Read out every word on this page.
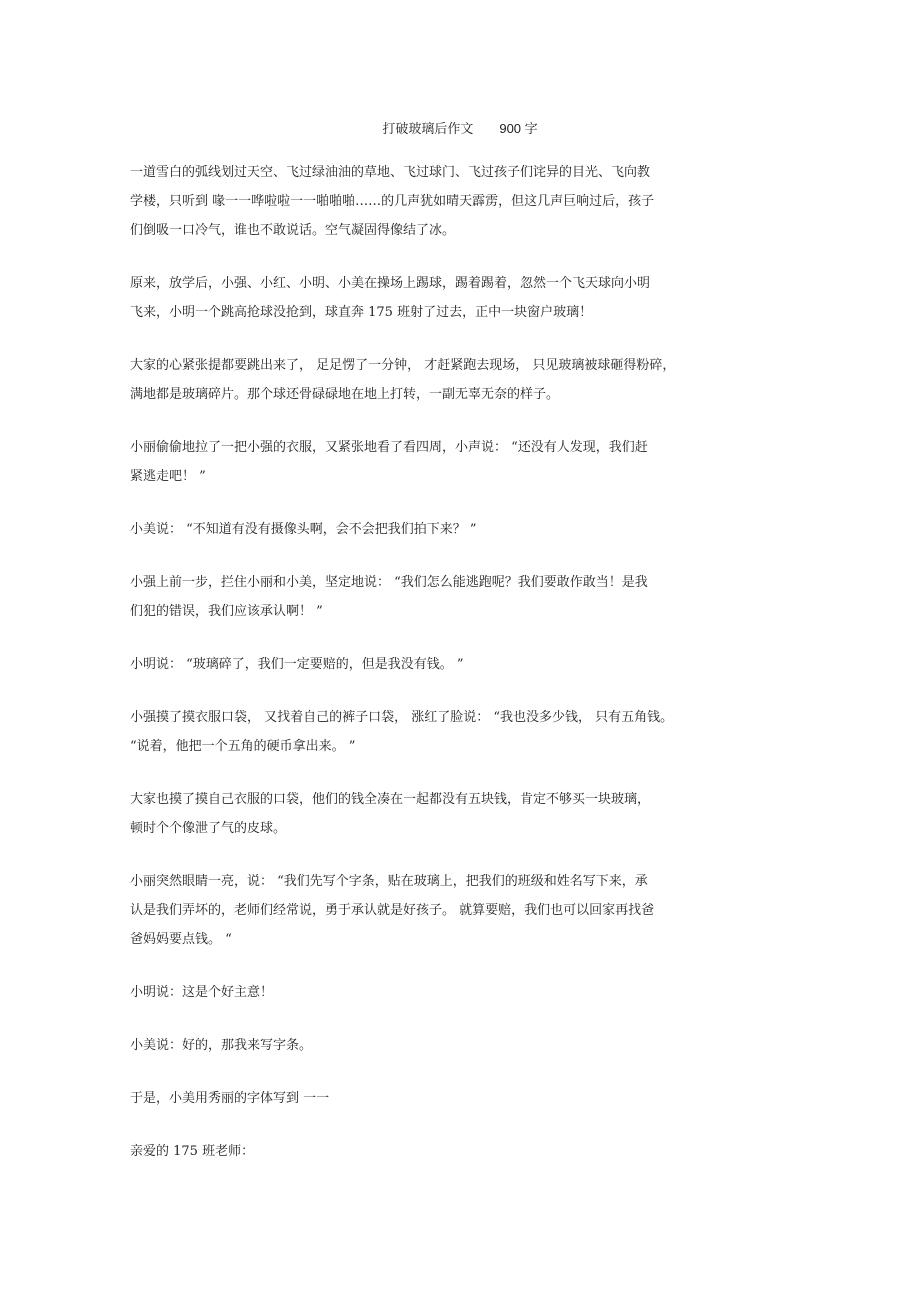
打破玻璃后作文 900 字
一道雪白的弧线划过天空、飞过绿油油的草地、飞过球门、飞过孩子们诧异的目光、飞向教
学楼，只听到 喙一一哗啦啦一一啪啪啪……的几声犹如晴天霹雳，但这几声巨响过后，孩子
们倒吸一口冷气，谁也不敢说话。空气凝固得像结了冰。
原来，放学后，小强、小红、小明、小美在操场上踢球，踢着踢着，忽然一个飞天球向小明
飞来，小明一个跳高抢球没抢到，球直奔 175 班射了过去，正中一块窗户玻璃！
大家的心紧张提都要跳出来了， 足足愣了一分钟， 才赶紧跑去现场， 只见玻璃被球砸得粉碎，
满地都是玻璃碎片。那个球还骨碌碌地在地上打转，一副无辜无奈的样子。
小丽偷偷地拉了一把小强的衣服，又紧张地看了看四周，小声说： “还没有人发现，我们赶
紧逃走吧！ ”
小美说： “不知道有没有摄像头啊，会不会把我们拍下来？ ”
小强上前一步，拦住小丽和小美，坚定地说： “我们怎么能逃跑呢？我们要敢作敢当！是我
们犯的错误，我们应该承认啊！ ”
小明说： “玻璃碎了，我们一定要赔的，但是我没有钱。 ”
小强摸了摸衣服口袋， 又找着自己的裤子口袋， 涨红了脸说： “我也没多少钱， 只有五角钱。
“说着，他把一个五角的硬币拿出来。 ”
大家也摸了摸自己衣服的口袋，他们的钱全凑在一起都没有五块钱，肯定不够买一块玻璃，
顿时个个像泄了气的皮球。
小丽突然眼睛一亮，说： “我们先写个字条，贴在玻璃上，把我们的班级和姓名写下来，承
认是我们弄坏的，老师们经常说，勇于承认就是好孩子。 就算要赔，我们也可以回家再找爸
爸妈妈要点钱。 “
小明说：这是个好主意！
小美说：好的，那我来写字条。
于是，小美用秀丽的字体写到 一一
亲爱的 175 班老师：
